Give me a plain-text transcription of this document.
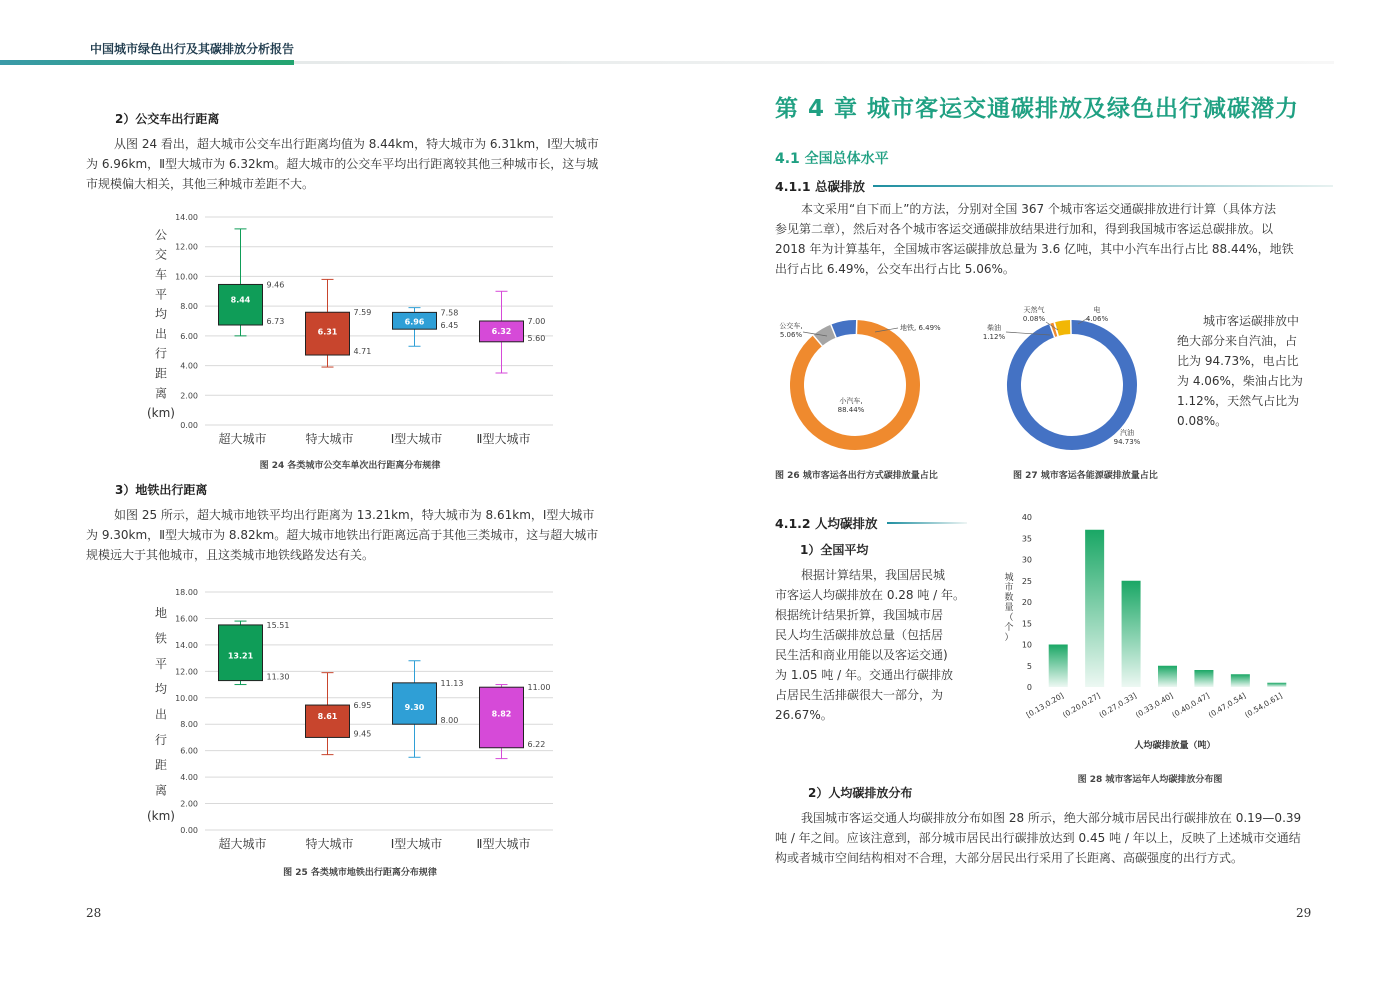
中国城市绿色出行及其碳排放分析报告
2）公交车出行距离
从图 24 看出，超大城市公交车出行距离均值为 8.44km，特大城市为 6.31km，Ⅰ型大城市
为 6.96km，Ⅱ型大城市为 6.32km。超大城市的公交车平均出行距离较其他三种城市长，这与城
市规模偏大相关，其他三种城市差距不大。
0.00
2.00
4.00
6.00
8.00
10.00
12.00
14.00
公
交
车
平
均
出
行
距
离
(km)
8.44
9.46
6.73
超大城市
6.31
7.59
4.71
特大城市
6.96
7.58
6.45
Ⅰ型大城市
6.32
7.00
5.60
Ⅱ型大城市
图 24 各类城市公交车单次出行距离分布规律
3）地铁出行距离
如图 25 所示，超大城市地铁平均出行距离为 13.21km，特大城市为 8.61km，Ⅰ型大城市
为 9.30km，Ⅱ型大城市为 8.82km。超大城市地铁出行距离远高于其他三类城市，这与超大城市
规模远大于其他城市，且这类城市地铁线路发达有关。
0.00
2.00
4.00
6.00
8.00
10.00
12.00
14.00
16.00
18.00
地
铁
平
均
出
行
距
离
(km)
13.21
15.51
11.30
超大城市
8.61
6.95
9.45
特大城市
9.30
11.13
8.00
Ⅰ型大城市
8.82
11.00
6.22
Ⅱ型大城市
图 25 各类城市地铁出行距离分布规律
28
第 4 章 城市客运交通碳排放及绿色出行减碳潜力
4.1 全国总体水平
4.1.1 总碳排放
本文采用“自下而上”的方法，分别对全国 367 个城市客运交通碳排放进行计算（具体方法
参见第二章），然后对各个城市客运交通碳排放结果进行加和，得到我国城市客运总碳排放。以
2018 年为计算基年，全国城市客运碳排放总量为 3.6 亿吨，其中小汽车出行占比 88.44%，地铁
出行占比 6.49%，公交车出行占比 5.06%。
小汽车,
88.44%
公交车,
5.06%
地铁, 6.49%
汽油
94.73%
柴油
1.12%
天然气
0.08%
电
4.06%	城市客运碳排放中
绝大部分来自汽油，占
比为 94.73%，电占比
为 4.06%，柴油占比为
1.12%，天然气占比为
0.08%。
图 26 城市客运各出行方式碳排放量占比	图 27 城市客运各能源碳排放量占比
4.1.2 人均碳排放
1）全国平均
根据计算结果，我国居民城
市客运人均碳排放在 0.28 吨 / 年。
根据统计结果折算，我国城市居
民人均生活碳排放总量（包括居
民生活和商业用能以及客运交通)
为 1.05 吨 / 年。交通出行碳排放
占居民生活排碳很大一部分，为
26.67%。
0
5
10
15
20
25
30
35
40
[0.13,0.20]
(0.20,0.27]
(0.27,0.33]
(0.33,0.40]
(0.40,0.47]
(0.47,0.54]
(0.54,0.61]
城
市
数
量
（
个
）
人均碳排放量（吨）
图 28 城市客运年人均碳排放分布图
2）人均碳排放分布
我国城市客运交通人均碳排放分布如图 28 所示，绝大部分城市居民出行碳排放在 0.19—0.39
吨 / 年之间。应该注意到，部分城市居民出行碳排放达到 0.45 吨 / 年以上，反映了上述城市交通结
构或者城市空间结构相对不合理，大部分居民出行采用了长距离、高碳强度的出行方式。
29
